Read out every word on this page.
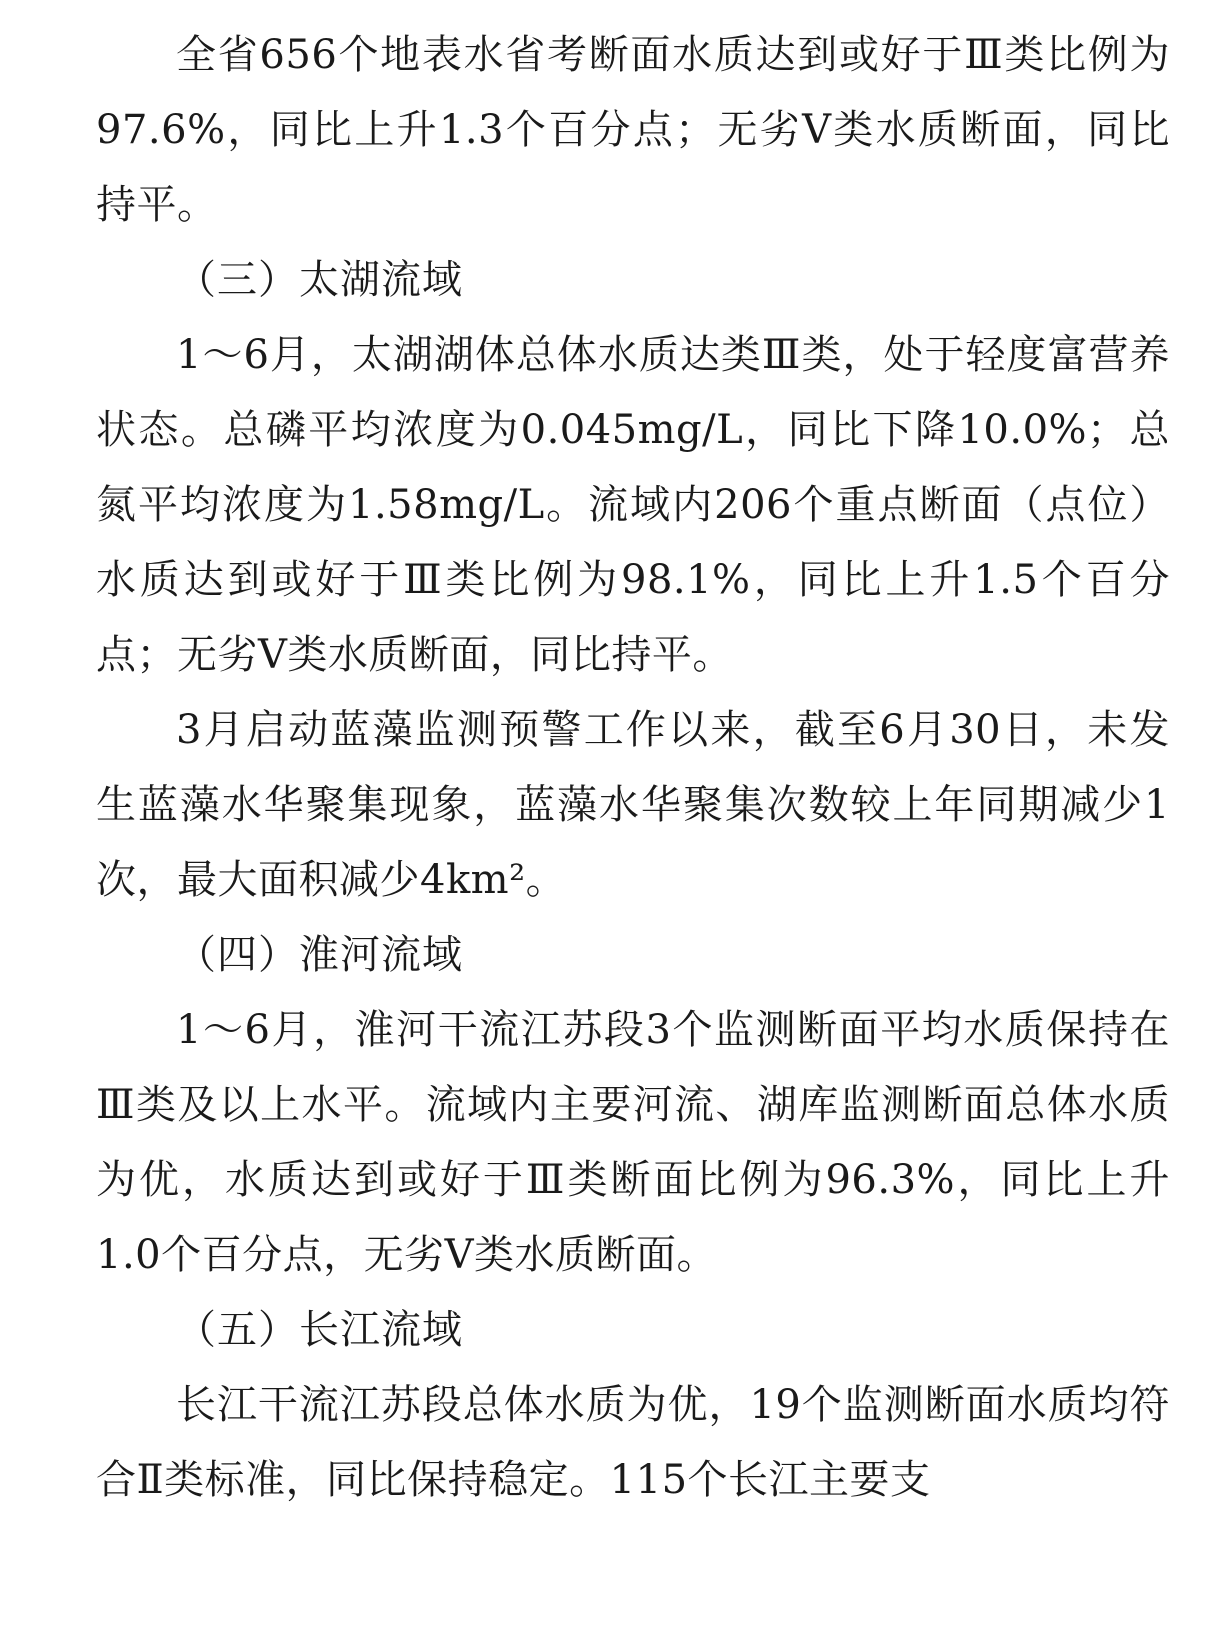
全省656个地表水省考断面水质达到或好于Ⅲ类比例为97.6%，同比上升1.3个百分点；无劣Ⅴ类水质断面，同比持平。

（三）太湖流域

1～6月，太湖湖体总体水质达类Ⅲ类，处于轻度富营养状态。总磷平均浓度为0.045mg/L，同比下降10.0%；总氮平均浓度为1.58mg/L。流域内206个重点断面（点位）水质达到或好于Ⅲ类比例为98.1%，同比上升1.5个百分点；无劣Ⅴ类水质断面，同比持平。

3月启动蓝藻监测预警工作以来，截至6月30日，未发生蓝藻水华聚集现象，蓝藻水华聚集次数较上年同期减少1次，最大面积减少4km²。

（四）淮河流域

1～6月，淮河干流江苏段3个监测断面平均水质保持在Ⅲ类及以上水平。流域内主要河流、湖库监测断面总体水质为优，水质达到或好于Ⅲ类断面比例为96.3%，同比上升1.0个百分点，无劣Ⅴ类水质断面。

（五）长江流域

长江干流江苏段总体水质为优，19个监测断面水质均符合Ⅱ类标准，同比保持稳定。115个长江主要支
